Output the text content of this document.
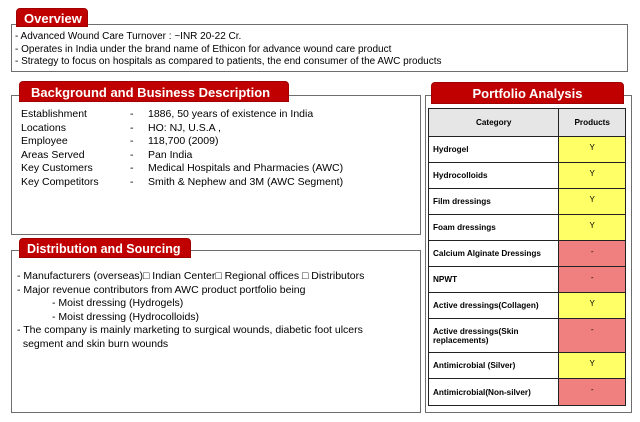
Overview
- Advanced Wound Care Turnover : ~INR 20-22 Cr.
- Operates in India under the brand name of Ethicon for advance wound care product
- Strategy to focus on hospitals as compared to patients, the end consumer of the AWC products
Background and Business Description
Establishment	- 1886, 50 years of existence in India
Locations	- HO: NJ, U.S.A ,
Employee	- 118,700 (2009)
Areas Served	- Pan India
Key Customers	- Medical Hospitals and Pharmacies (AWC)
Key Competitors	- Smith & Nephew and 3M (AWC Segment)
Distribution and Sourcing
- Manufacturers (overseas)□ Indian Center□ Regional offices □ Distributors
- Major revenue contributors from AWC product portfolio being
- Moist dressing (Hydrogels)
- Moist dressing (Hydrocolloids)
- The company is mainly marketing to surgical wounds, diabetic foot ulcers
segment and skin burn wounds
Portfolio Analysis
Category	Products
Hydrogel	Y
Hydrocolloids	Y
Film dressings	Y
Foam dressings	Y
Calcium Alginate Dressings	-
NPWT	-
Active dressings(Collagen)	Y
Active dressings(Skin replacements)	-
Antimicrobial (Silver)	Y
Antimicrobial(Non-silver)	-
